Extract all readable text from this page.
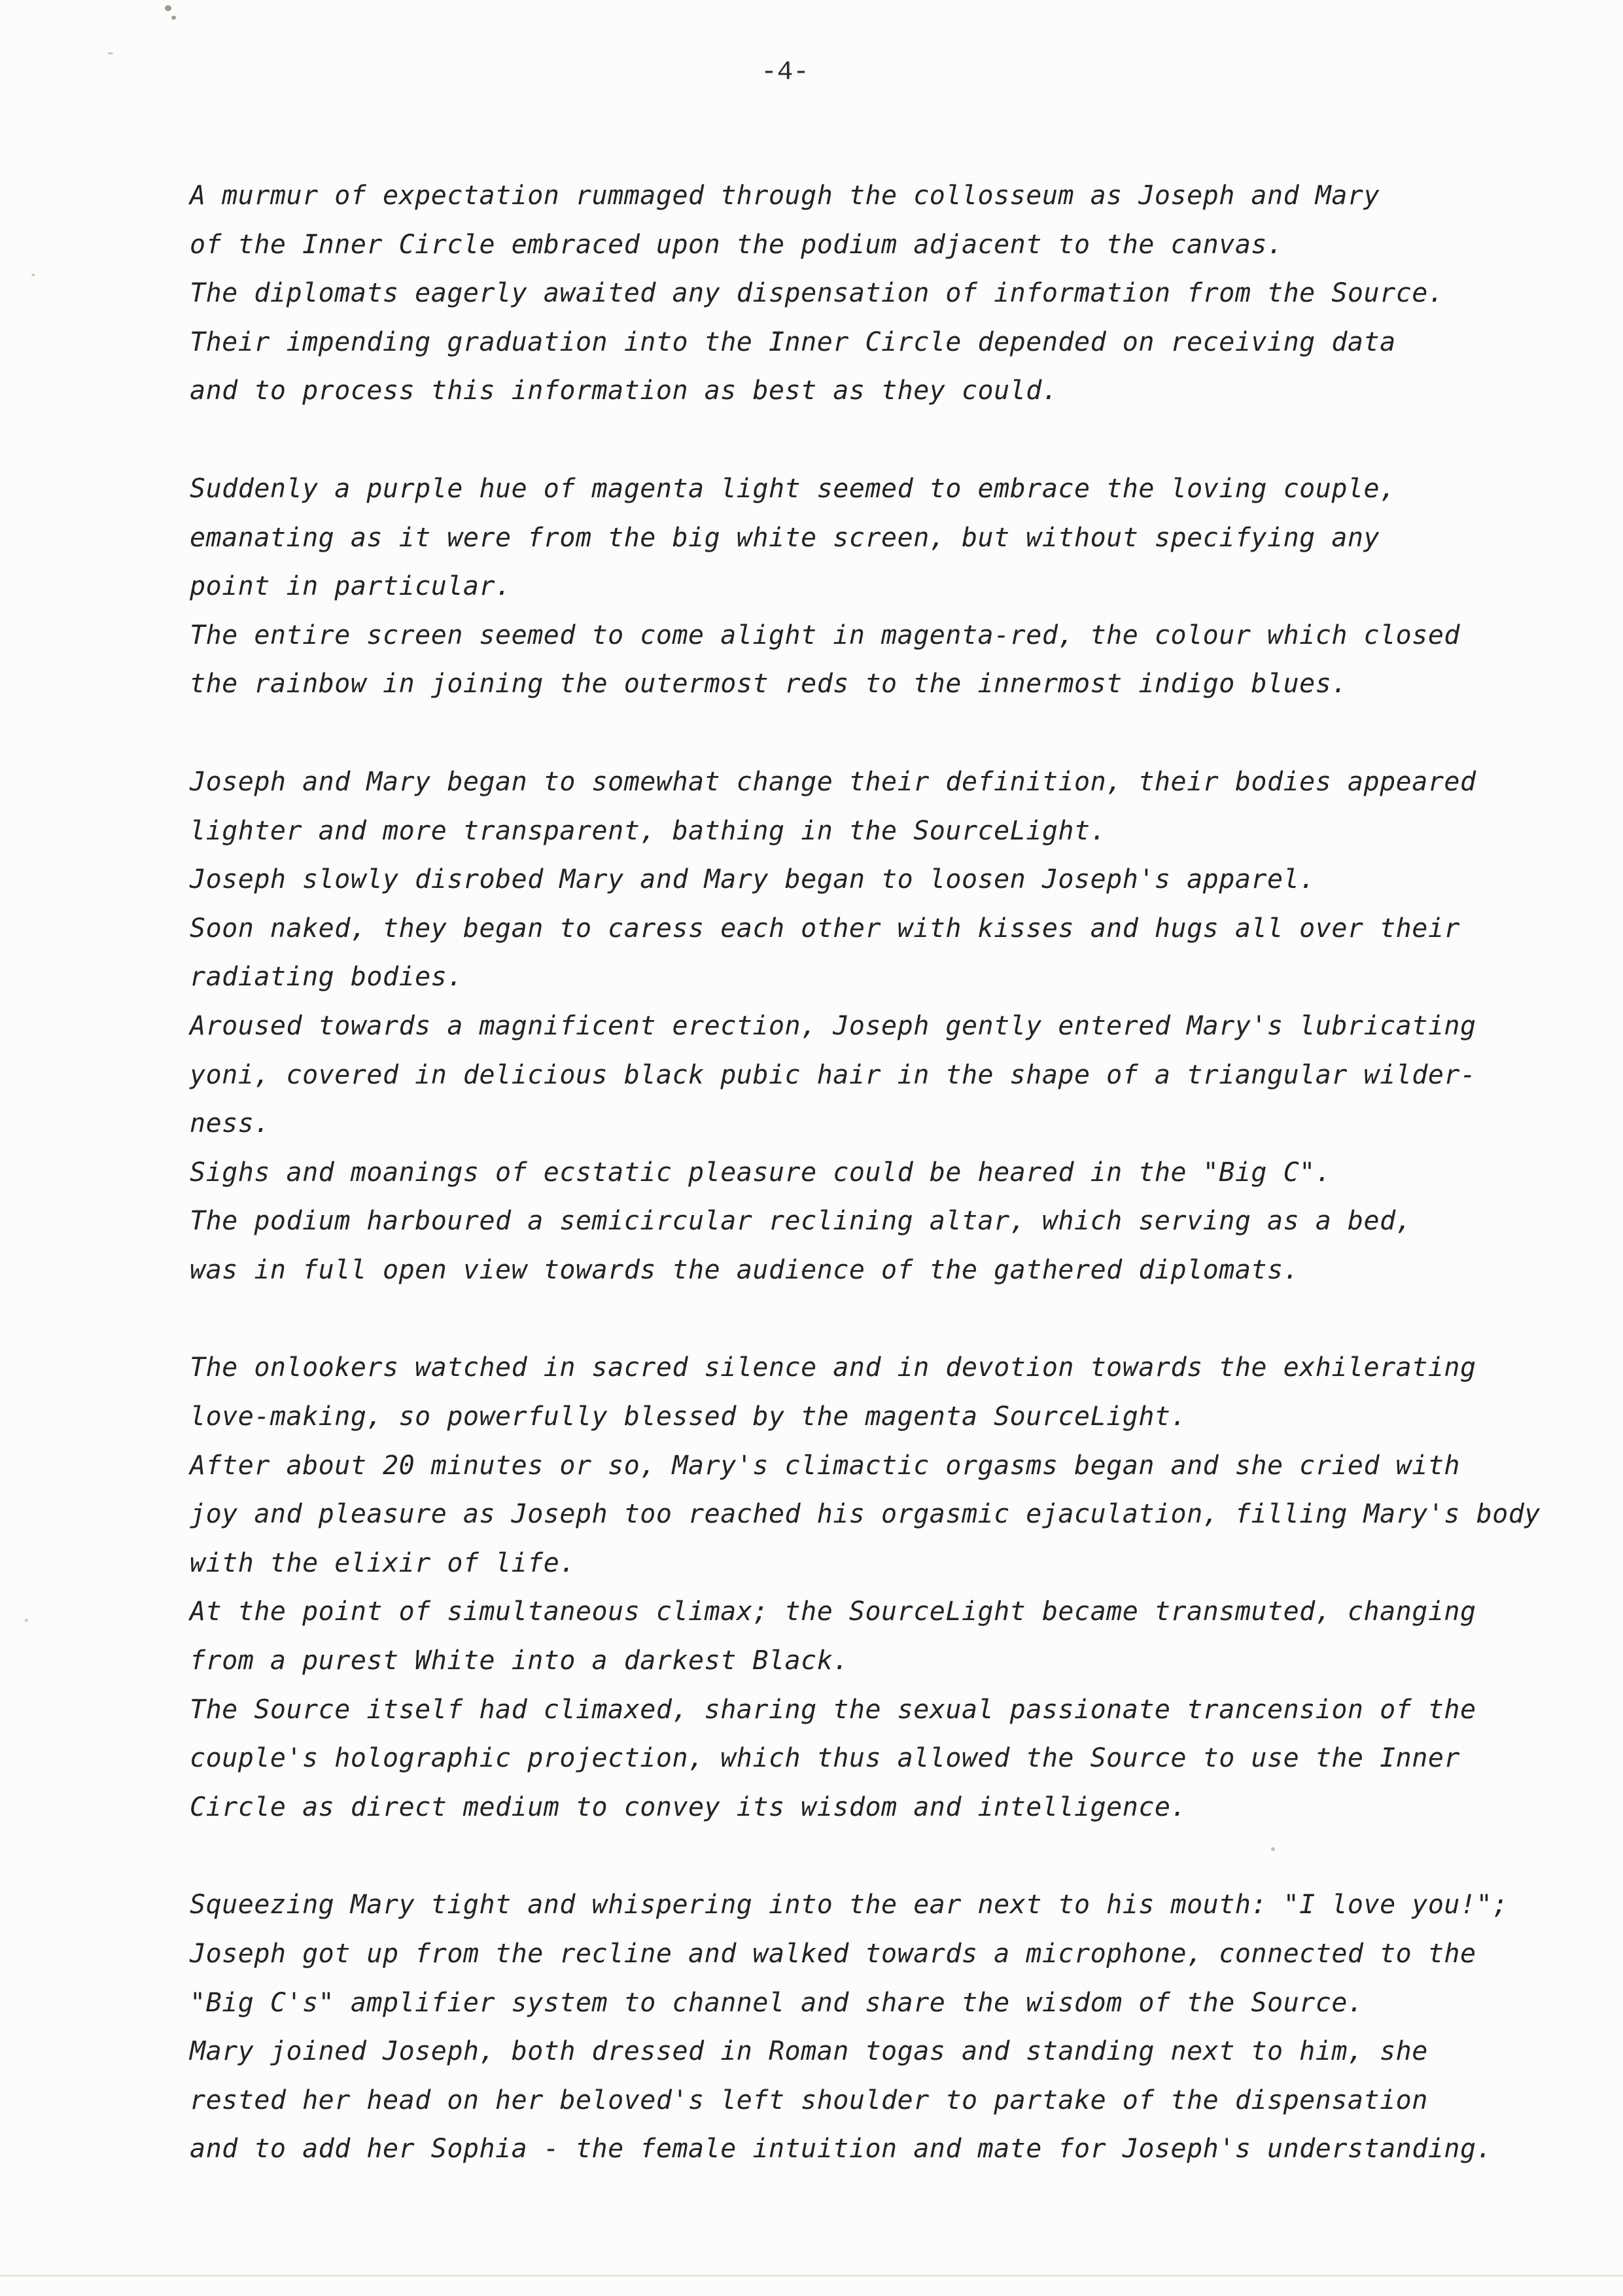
-4-
A murmur of expectation rummaged through the collosseum as Joseph and Mary
of the Inner Circle embraced upon the podium adjacent to the canvas.
The diplomats eagerly awaited any dispensation of information from the Source.
Their impending graduation into the Inner Circle depended on receiving data
and to process this information as best as they could.
Suddenly a purple hue of magenta light seemed to embrace the loving couple,
emanating as it were from the big white screen, but without specifying any
point in particular.
The entire screen seemed to come alight in magenta-red, the colour which closed
the rainbow in joining the outermost reds to the innermost indigo blues.
Joseph and Mary began to somewhat change their definition, their bodies appeared
lighter and more transparent, bathing in the SourceLight.
Joseph slowly disrobed Mary and Mary began to loosen Joseph's apparel.
Soon naked, they began to caress each other with kisses and hugs all over their
radiating bodies.
Aroused towards a magnificent erection, Joseph gently entered Mary's lubricating
yoni, covered in delicious black pubic hair in the shape of a triangular wilder-
ness.
Sighs and moanings of ecstatic pleasure could be heared in the "Big C".
The podium harboured a semicircular reclining altar, which serving as a bed,
was in full open view towards the audience of the gathered diplomats.
The onlookers watched in sacred silence and in devotion towards the exhilerating
love-making, so powerfully blessed by the magenta SourceLight.
After about 20 minutes or so, Mary's climactic orgasms began and she cried with
joy and pleasure as Joseph too reached his orgasmic ejaculation, filling Mary's body
with the elixir of life.
At the point of simultaneous climax; the SourceLight became transmuted, changing
from a purest White into a darkest Black.
The Source itself had climaxed, sharing the sexual passionate trancension of the
couple's holographic projection, which thus allowed the Source to use the Inner
Circle as direct medium to convey its wisdom and intelligence.
Squeezing Mary tight and whispering into the ear next to his mouth: "I love you!";
Joseph got up from the recline and walked towards a microphone, connected to the
"Big C's" amplifier system to channel and share the wisdom of the Source.
Mary joined Joseph, both dressed in Roman togas and standing next to him, she
rested her head on her beloved's left shoulder to partake of the dispensation
and to add her Sophia - the female intuition and mate for Joseph's understanding.
